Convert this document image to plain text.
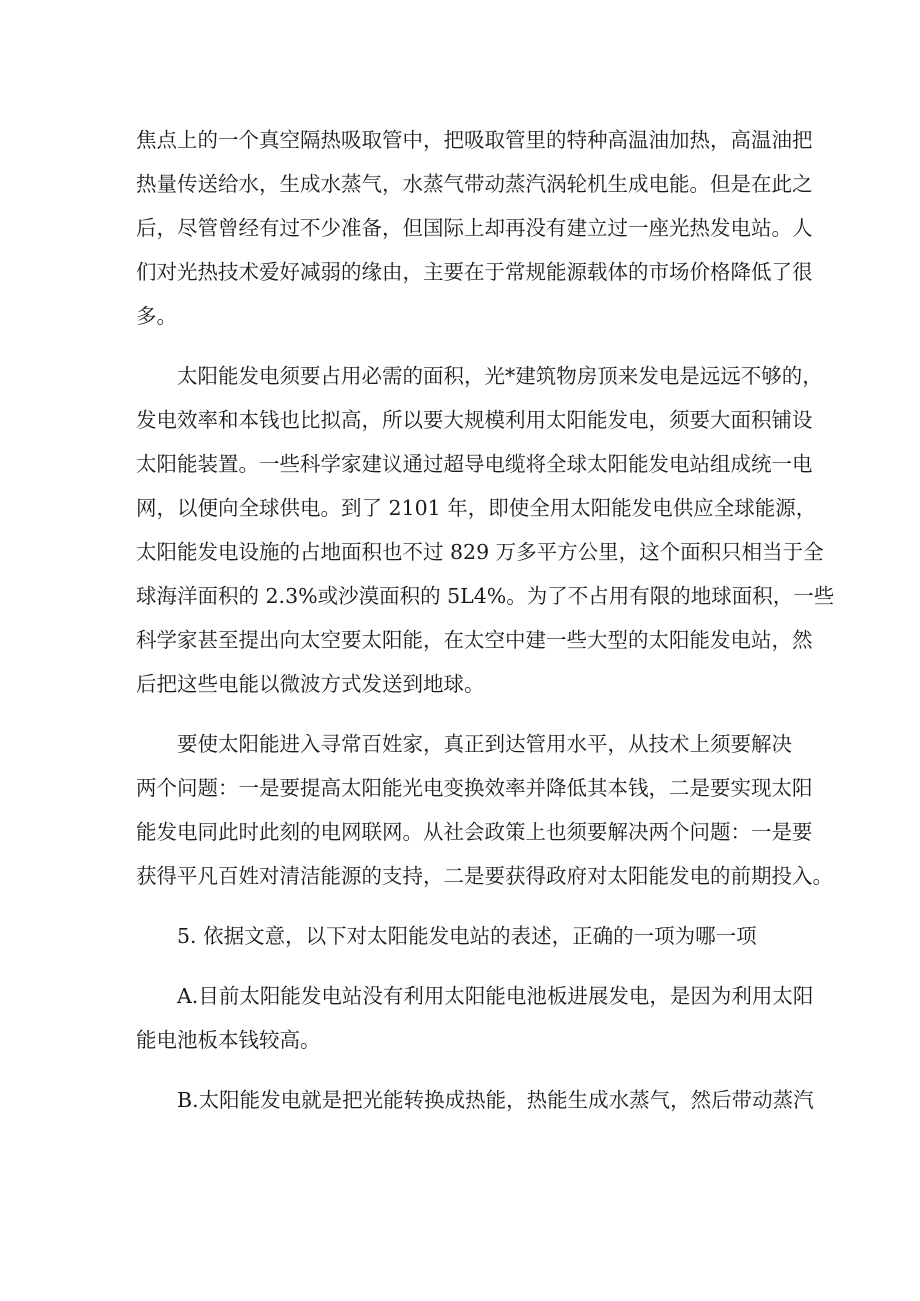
焦点上的一个真空隔热吸取管中，把吸取管里的特种高温油加热，高温油把
热量传送给水，生成水蒸气，水蒸气带动蒸汽涡轮机生成电能。但是在此之
后，尽管曾经有过不少准备，但国际上却再没有建立过一座光热发电站。人
们对光热技术爱好减弱的缘由，主要在于常规能源载体的市场价格降低了很
多。
太阳能发电须要占用必需的面积，光*建筑物房顶来发电是远远不够的，
发电效率和本钱也比拟高，所以要大规模利用太阳能发电，须要大面积铺设
太阳能装置。一些科学家建议通过超导电缆将全球太阳能发电站组成统一电
网，以便向全球供电。到了 2101 年，即使全用太阳能发电供应全球能源，
太阳能发电设施的占地面积也不过 829 万多平方公里，这个面积只相当于全
球海洋面积的 2.3%或沙漠面积的 5L4%。为了不占用有限的地球面积，一些
科学家甚至提出向太空要太阳能，在太空中建一些大型的太阳能发电站，然
后把这些电能以微波方式发送到地球。
要使太阳能进入寻常百姓家，真正到达管用水平，从技术上须要解决
两个问题：一是要提高太阳能光电变换效率并降低其本钱，二是要实现太阳
能发电同此时此刻的电网联网。从社会政策上也须要解决两个问题：一是要
获得平凡百姓对清洁能源的支持，二是要获得政府对太阳能发电的前期投入。
5. 依据文意，以下对太阳能发电站的表述，正确的一项为哪一项
A.目前太阳能发电站没有利用太阳能电池板进展发电，是因为利用太阳
能电池板本钱较高。
B.太阳能发电就是把光能转换成热能，热能生成水蒸气，然后带动蒸汽
